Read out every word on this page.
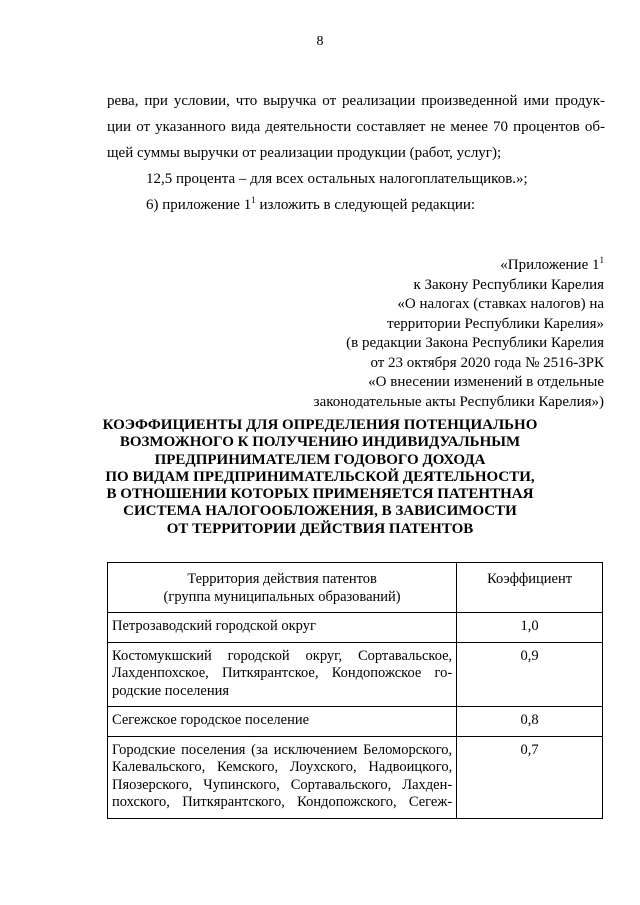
8
рева, при условии, что выручка от реализации произведенной ими продук-
ции от указанного вида деятельности составляет не менее 70 процентов об-
щей суммы выручки от реализации продукции (работ, услуг);
12,5 процента – для всех остальных налогоплательщиков.»;
6) приложение $1^1$ изложить в следующей редакции:
«Приложение $1^1$
к Закону Республики Карелия
«О налогах (ставках налогов) на
территории Республики Карелия»
(в редакции Закона Республики Карелия
от 23 октября 2020 года № 2516-ЗРК
«О внесении изменений в отдельные
законодательные акты Республики Карелия»)
КОЭФФИЦИЕНТЫ ДЛЯ ОПРЕДЕЛЕНИЯ ПОТЕНЦИАЛЬНО
ВОЗМОЖНОГО К ПОЛУЧЕНИЮ ИНДИВИДУАЛЬНЫМ
ПРЕДПРИНИМАТЕЛЕМ ГОДОВОГО ДОХОДА
ПО ВИДАМ ПРЕДПРИНИМАТЕЛЬСКОЙ ДЕЯТЕЛЬНОСТИ,
В ОТНОШЕНИИ КОТОРЫХ ПРИМЕНЯЕТСЯ ПАТЕНТНАЯ
СИСТЕМА НАЛОГООБЛОЖЕНИЯ, В ЗАВИСИМОСТИ
ОТ ТЕРРИТОРИИ ДЕЙСТВИЯ ПАТЕНТОВ
Территория действия патентов
(группа муниципальных образований)	Коэффициент

Петрозаводский городской округ	1,0

Костомукшский городской округ, Сортавальское,
Лахденпохское, Питкярантское, Кондопожское го-
родские поселения	0,9

Сегежское городское поселение	0,8

Городские поселения (за исключением Беломорского,
Калевальского, Кемского, Лоухского, Надвоицкого,
Пяозерского, Чупинского, Сортавальского, Лахден-
похского, Питкярантского, Кондопожского, Сегеж-	0,7
